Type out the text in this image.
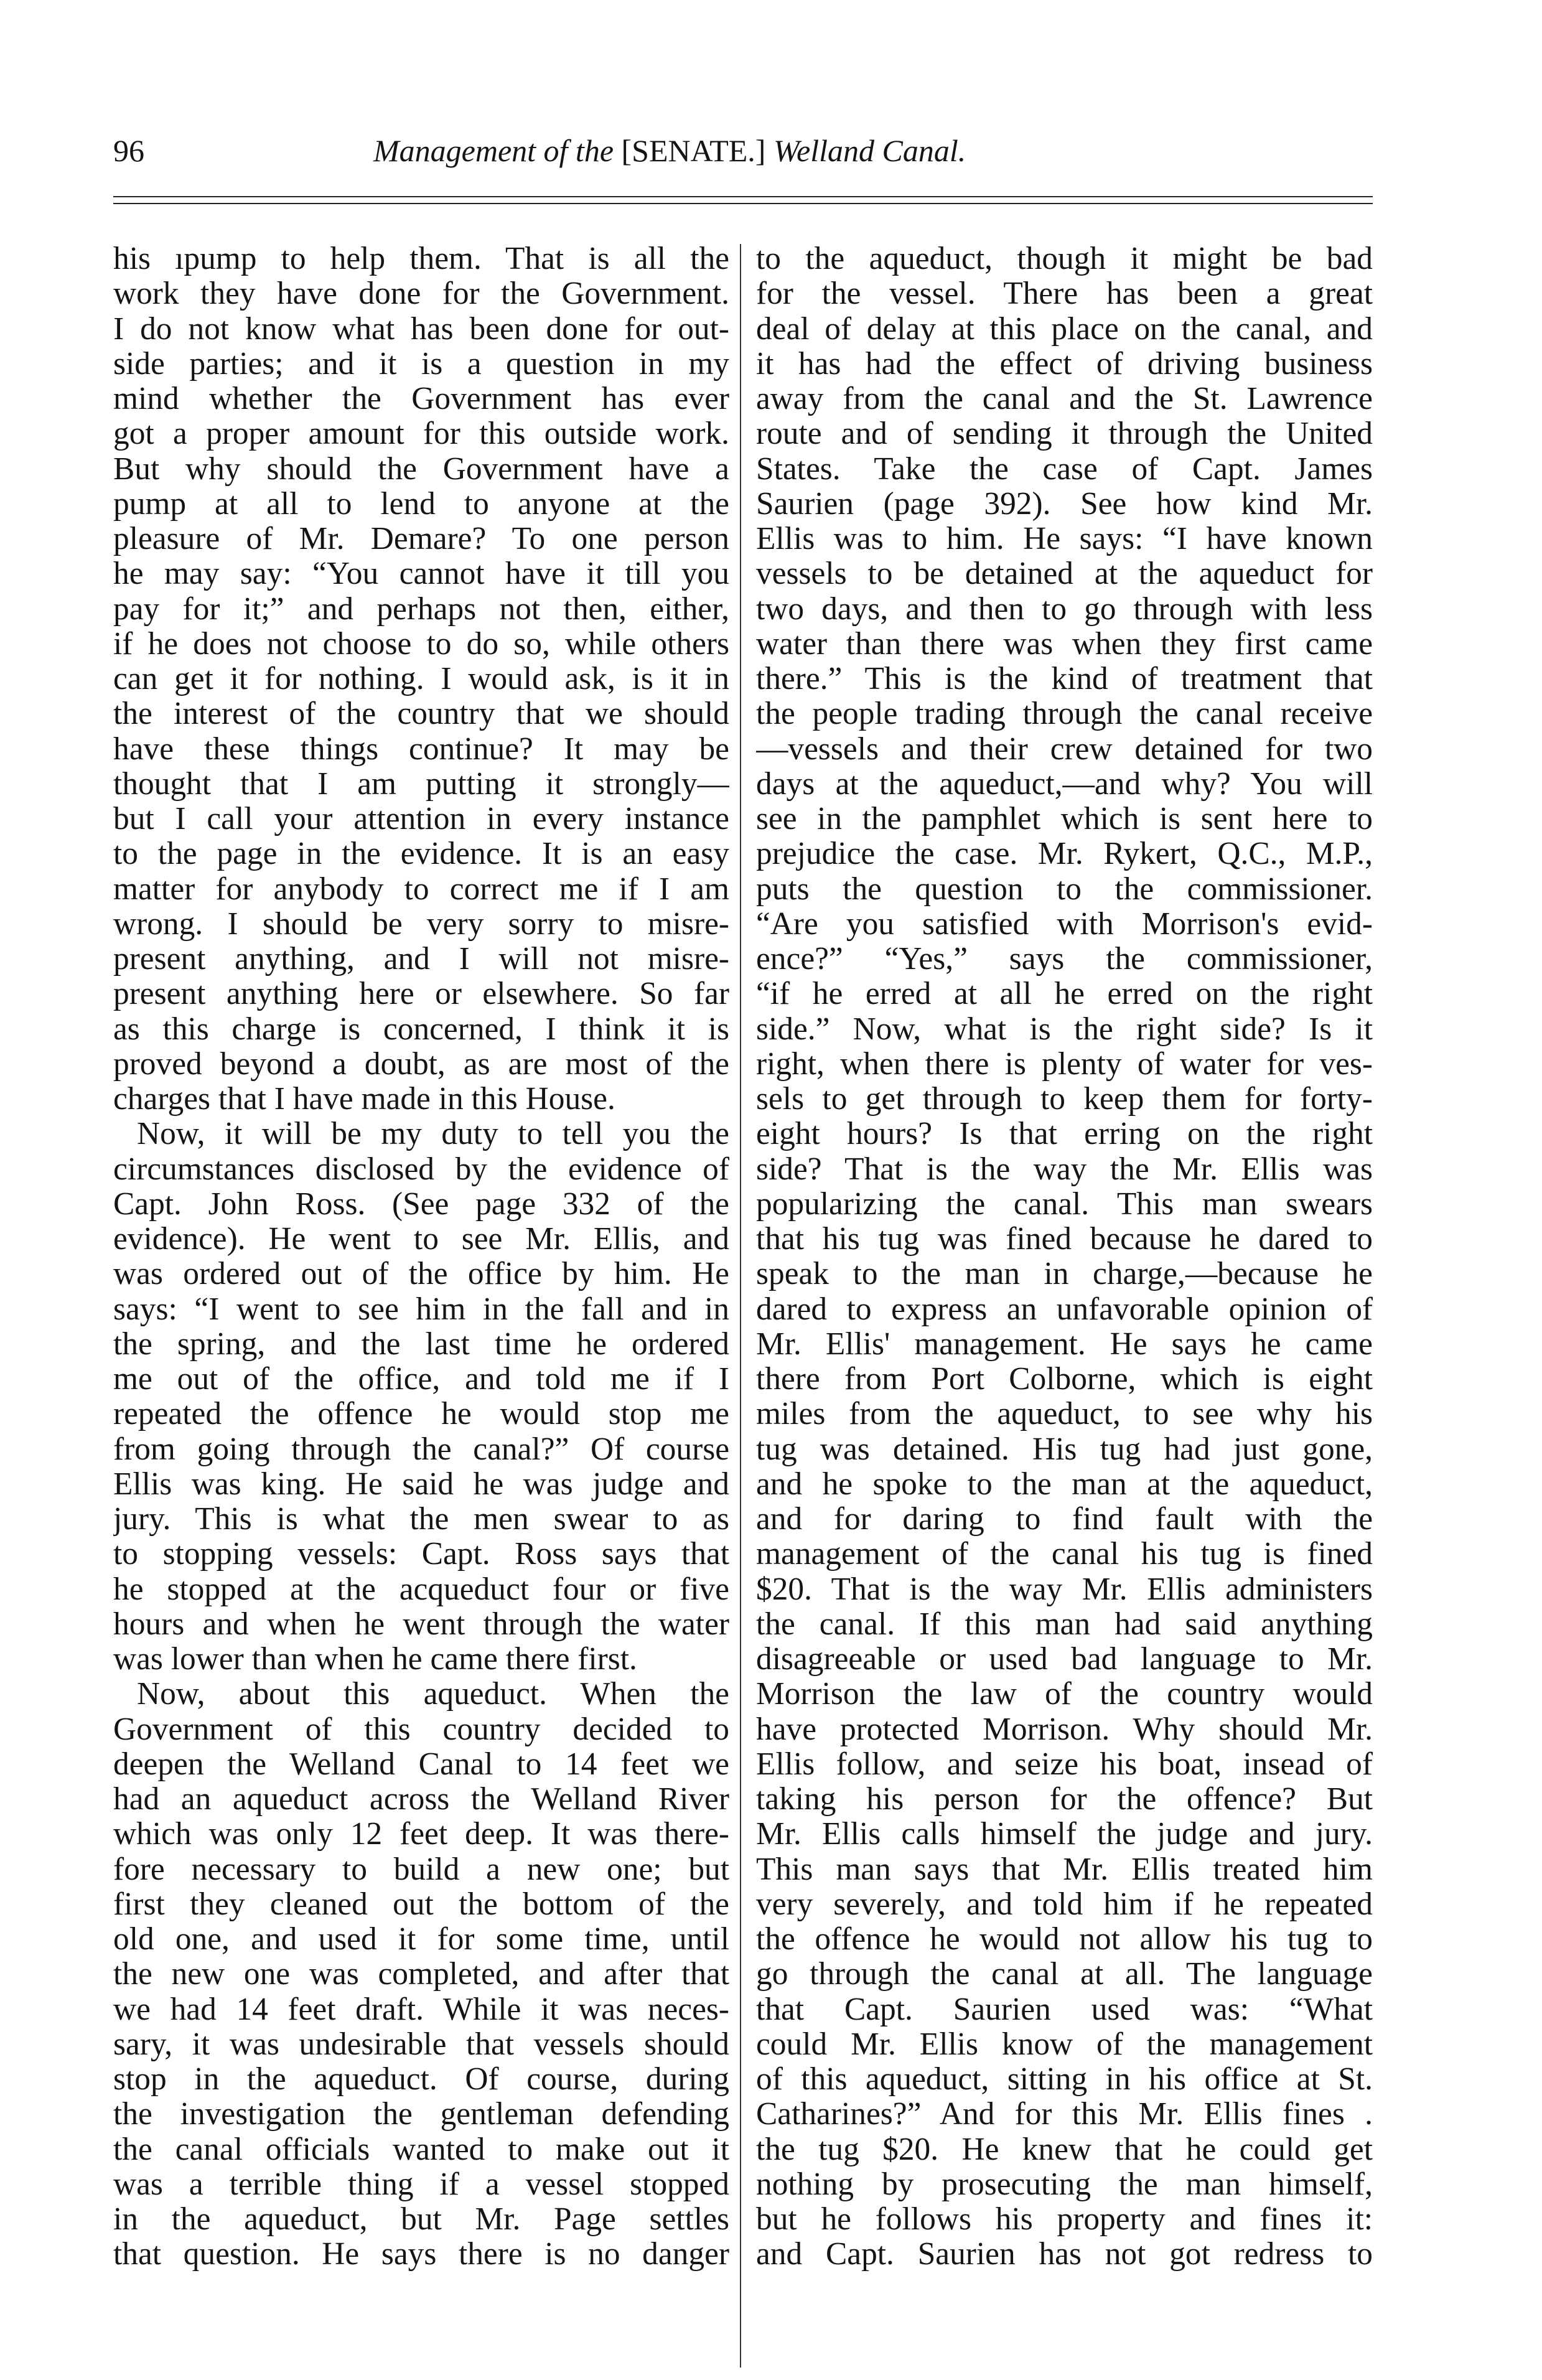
96	Management of the [SENATE.] Welland Canal.
his ıpump to help them. That is all the
work they have done for the Government.
I do not know what has been done for out-
side parties; and it is a question in my
mind whether the Government has ever
got a proper amount for this outside work.
But why should the Government have a
pump at all to lend to anyone at the
pleasure of Mr. Demare? To one person
he may say: “You cannot have it till you
pay for it;” and perhaps not then, either,
if he does not choose to do so, while others
can get it for nothing. I would ask, is it in
the interest of the country that we should
have these things continue? It may be
thought that I am putting it strongly—
but I call your attention in every instance
to the page in the evidence. It is an easy
matter for anybody to correct me if I am
wrong. I should be very sorry to misre-
present anything, and I will not misre-
present anything here or elsewhere. So far
as this charge is concerned, I think it is
proved beyond a doubt, as are most of the
charges that I have made in this House.
Now, it will be my duty to tell you the
circumstances disclosed by the evidence of
Capt. John Ross. (See page 332 of the
evidence). He went to see Mr. Ellis, and
was ordered out of the office by him. He
says: “I went to see him in the fall and in
the spring, and the last time he ordered
me out of the office, and told me if I
repeated the offence he would stop me
from going through the canal?” Of course
Ellis was king. He said he was judge and
jury. This is what the men swear to as
to stopping vessels: Capt. Ross says that
he stopped at the acqueduct four or five
hours and when he went through the water
was lower than when he came there first.
Now, about this aqueduct. When the
Government of this country decided to
deepen the Welland Canal to 14 feet we
had an aqueduct across the Welland River
which was only 12 feet deep. It was there-
fore necessary to build a new one; but
first they cleaned out the bottom of the
old one, and used it for some time, until
the new one was completed, and after that
we had 14 feet draft. While it was neces-
sary, it was undesirable that vessels should
stop in the aqueduct. Of course, during
the investigation the gentleman defending
the canal officials wanted to make out it
was a terrible thing if a vessel stopped
in the aqueduct, but Mr. Page settles
that question. He says there is no danger
to the aqueduct, though it might be bad
for the vessel. There has been a great
deal of delay at this place on the canal, and
it has had the effect of driving business
away from the canal and the St. Lawrence
route and of sending it through the United
States. Take the case of Capt. James
Saurien (page 392). See how kind Mr.
Ellis was to him. He says: “I have known
vessels to be detained at the aqueduct for
two days, and then to go through with less
water than there was when they first came
there.” This is the kind of treatment that
the people trading through the canal receive
—vessels and their crew detained for two
days at the aqueduct,—and why? You will
see in the pamphlet which is sent here to
prejudice the case. Mr. Rykert, Q.C., M.P.,
puts the question to the commissioner.
“Are you satisfied with Morrison's evid-
ence?” “Yes,” says the commissioner,
“if he erred at all he erred on the right
side.” Now, what is the right side? Is it
right, when there is plenty of water for ves-
sels to get through to keep them for forty-
eight hours? Is that erring on the right
side? That is the way the Mr. Ellis was
popularizing the canal. This man swears
that his tug was fined because he dared to
speak to the man in charge,—because he
dared to express an unfavorable opinion of
Mr. Ellis' management. He says he came
there from Port Colborne, which is eight
miles from the aqueduct, to see why his
tug was detained. His tug had just gone,
and he spoke to the man at the aqueduct,
and for daring to find fault with the
management of the canal his tug is fined
$20. That is the way Mr. Ellis administers
the canal. If this man had said anything
disagreeable or used bad language to Mr.
Morrison the law of the country would
have protected Morrison. Why should Mr.
Ellis follow, and seize his boat, insead of
taking his person for the offence? But
Mr. Ellis calls himself the judge and jury.
This man says that Mr. Ellis treated him
very severely, and told him if he repeated
the offence he would not allow his tug to
go through the canal at all. The language
that Capt. Saurien used was: “What
could Mr. Ellis know of the management
of this aqueduct, sitting in his office at St.
Catharines?” And for this Mr. Ellis fines .
the tug $20. He knew that he could get
nothing by prosecuting the man himself,
but he follows his property and fines it:
and Capt. Saurien has not got redress to
